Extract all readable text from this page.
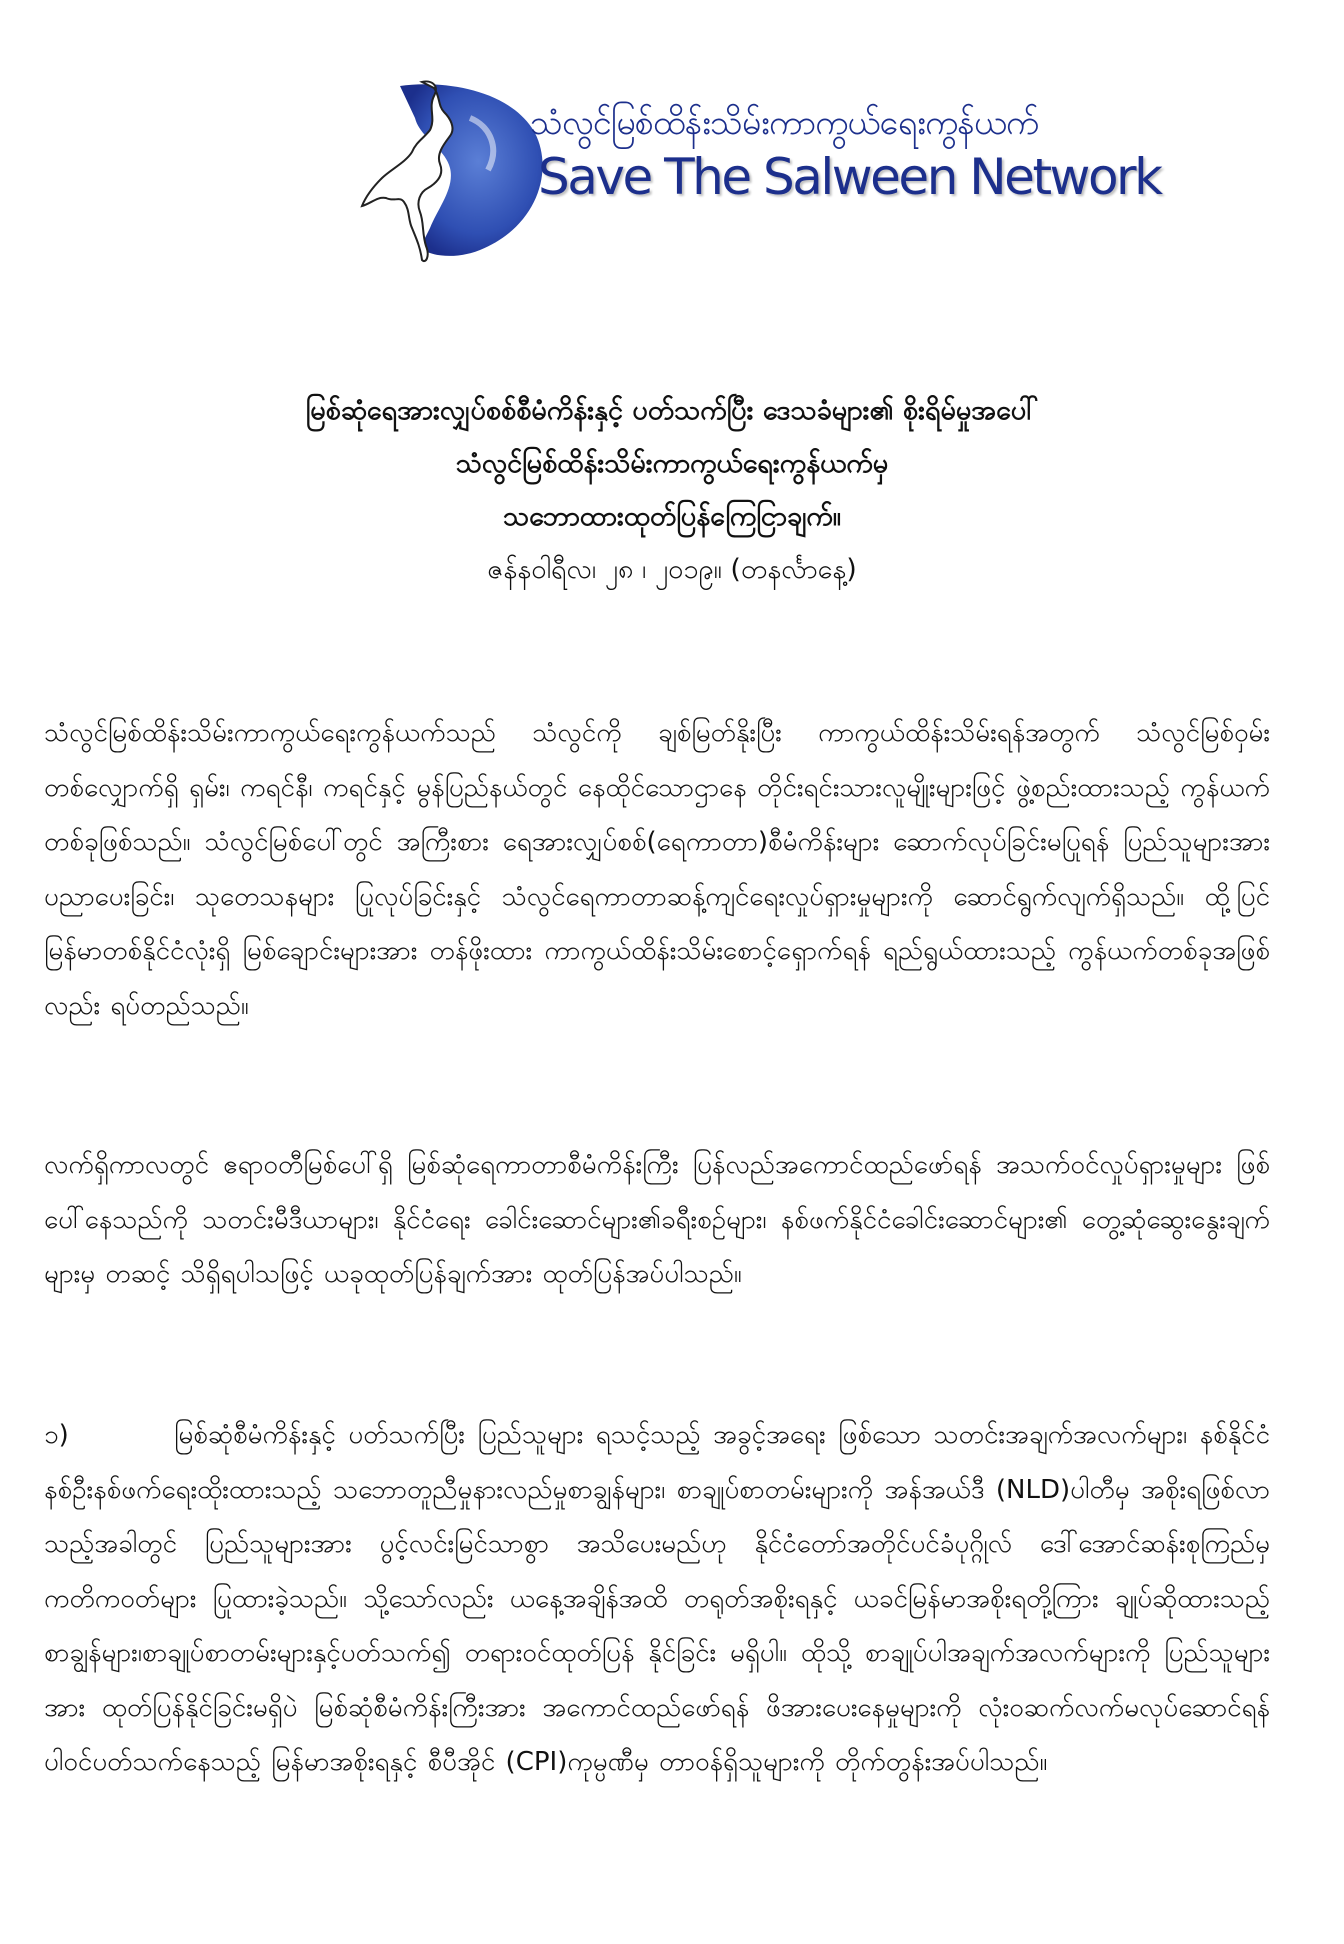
သံလွင်မြစ်ထိန်းသိမ်းကာကွယ်ရေးကွန်ယက်
Save The Salween Network
မြစ်ဆုံရေအားလျှပ်စစ်စီမံကိန်းနှင့် ပတ်သက်ပြီး ဒေသခံများ၏ စိုးရိမ်မှုအပေါ်
သံလွင်မြစ်ထိန်းသိမ်းကာကွယ်ရေးကွန်ယက်မှ
သဘောထားထုတ်ပြန်ကြေငြာချက်။
ဇန်နဝါရီလ၊ ၂၈ ၊ ၂၀၁၉။ (တနင်္လာနေ့)
သံလွင်မြစ်ထိန်းသိမ်းကာကွယ်ရေးကွန်ယက်သည် သံလွင်ကို ချစ်မြတ်နိုးပြီး ကာကွယ်ထိန်းသိမ်းရန်အတွက် သံလွင်မြစ်ဝှမ်းတစ်လျှောက်ရှိ ရှမ်း၊ ကရင်နီ၊ ကရင်နှင့် မွန်ပြည်နယ်တွင် နေထိုင်သောဌာနေ တိုင်းရင်းသားလူမျိုးများဖြင့် ဖွဲ့စည်းထားသည့် ကွန်ယက်တစ်ခုဖြစ်သည်။ သံလွင်မြစ်ပေါ်တွင် အကြီးစား ရေအားလျှပ်စစ်(ရေကာတာ)စီမံကိန်းများ ဆောက်လုပ်ခြင်းမပြုရန် ပြည်သူများအားပညာပေးခြင်း၊ သုတေသနများ ပြုလုပ်ခြင်းနှင့် သံလွင်ရေကာတာဆန့်ကျင်ရေးလှုပ်ရှားမှုများကို ဆောင်ရွက်လျက်ရှိသည်။ ထို့ပြင် မြန်မာတစ်နိုင်ငံလုံးရှိ မြစ်ချောင်းများအား တန်ဖိုးထား ကာကွယ်ထိန်းသိမ်းစောင့်ရှောက်ရန် ရည်ရွယ်ထားသည့် ကွန်ယက်တစ်ခုအဖြစ်လည်း ရပ်တည်သည်။
လက်ရှိကာလတွင် ဧရာဝတီမြစ်ပေါ်ရှိ မြစ်ဆုံရေကာတာစီမံကိန်းကြီး ပြန်လည်အကောင်ထည်ဖော်ရန် အသက်ဝင်လှုပ်ရှားမှုများ ဖြစ်ပေါ်နေသည်ကို သတင်းမီဒီယာများ၊ နိုင်ငံရေး ခေါင်းဆောင်များ၏ခရီးစဉ်များ၊ နစ်ဖက်နိုင်ငံခေါင်းဆောင်များ၏ တွေ့ဆုံဆွေးနွေးချက်များမှ တဆင့် သိရှိရပါသဖြင့် ယခုထုတ်ပြန်ချက်အား ထုတ်ပြန်အပ်ပါသည်။
၁)	မြစ်ဆုံစီမံကိန်းနှင့် ပတ်သက်ပြီး ပြည်သူများ ရသင့်သည့် အခွင့်အရေး ဖြစ်သော သတင်းအချက်အလက်များ၊ နစ်နိုင်ငံ နစ်ဦးနစ်ဖက်ရေးထိုးထားသည့် သဘောတူညီမှုနားလည်မှုစာချွန်များ၊ စာချုပ်စာတမ်းများကို အန်အယ်ဒီ (NLD)ပါတီမှ အစိုးရဖြစ်လာသည့်အခါတွင် ပြည်သူများအား ပွင့်လင်းမြင်သာစွာ အသိပေးမည်ဟု နိုင်ငံတော်အတိုင်ပင်ခံပုဂ္ဂိုလ် ဒေါ်အောင်ဆန်းစုကြည်မှ ကတိကဝတ်များ ပြုထားခဲ့သည်။ သို့သော်လည်း ယနေ့အချိန်အထိ တရုတ်အစိုးရနှင့် ယခင်မြန်မာအစိုးရတို့ကြား ချုပ်ဆိုထားသည့် စာချွန်များ၊စာချုပ်စာတမ်းများနှင့်ပတ်သက်၍ တရားဝင်ထုတ်ပြန် နိုင်ခြင်း မရှိပါ။ ထိုသို့ စာချုပ်ပါအချက်အလက်များကို ပြည်သူများအား ထုတ်ပြန်နိုင်ခြင်းမရှိပဲ မြစ်ဆုံစီမံကိန်းကြီးအား အကောင်ထည်ဖော်ရန် ဖိအားပေးနေမှုများကို လုံးဝဆက်လက်မလုပ်ဆောင်ရန် ပါဝင်ပတ်သက်နေသည့် မြန်မာအစိုးရနှင့် စီပီအိုင် (CPI)ကုမ္ပဏီမှ တာဝန်ရှိသူများကို တိုက်တွန်းအပ်ပါသည်။
